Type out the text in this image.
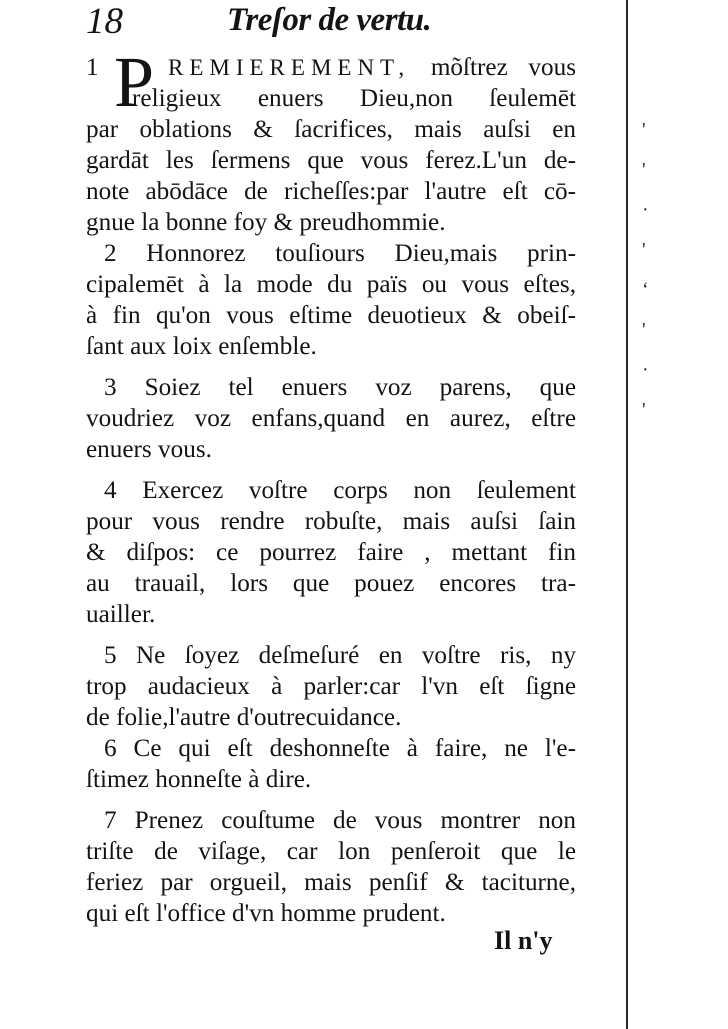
'
'
·
'
ʻ
'
·
'
18	Treſor de vertu.
1 P REMIEREMENT, mõſtrez vous
religieux enuers Dieu,non ſeulemēt
par oblations & ſacrifices, mais auſsi en
gardāt les ſermens que vous ferez.L'un de-
note abōdāce de richeſſes:par l'autre eſt cō-
gnue la bonne foy & preudhommie.
2 Honnorez touſiours Dieu,mais prin-
cipalemēt à la mode du païs ou vous eſtes,
à fin qu'on vous eſtime deuotieux & obeiſ-
ſant aux loix enſemble.
3 Soiez tel enuers voz parens, que
voudriez voz enfans,quand en aurez, eſtre
enuers vous.
4 Exercez voſtre corps non ſeulement
pour vous rendre robuſte, mais auſsi ſain
& diſpos: ce pourrez faire , mettant fin
au trauail, lors que pouez encores tra-
uailler.
5 Ne ſoyez deſmeſuré en voſtre ris, ny
trop audacieux à parler:car l'vn eſt ſigne
de folie,l'autre d'outrecuidance.
6 Ce qui eſt deshonneſte à faire, ne l'e-
ſtimez honneſte à dire.
7 Prenez couſtume de vous montrer non
triſte de viſage, car lon penſeroit que le
feriez par orgueil, mais penſif & taciturne,
qui eſt l'office d'vn homme prudent.
Il n'y
